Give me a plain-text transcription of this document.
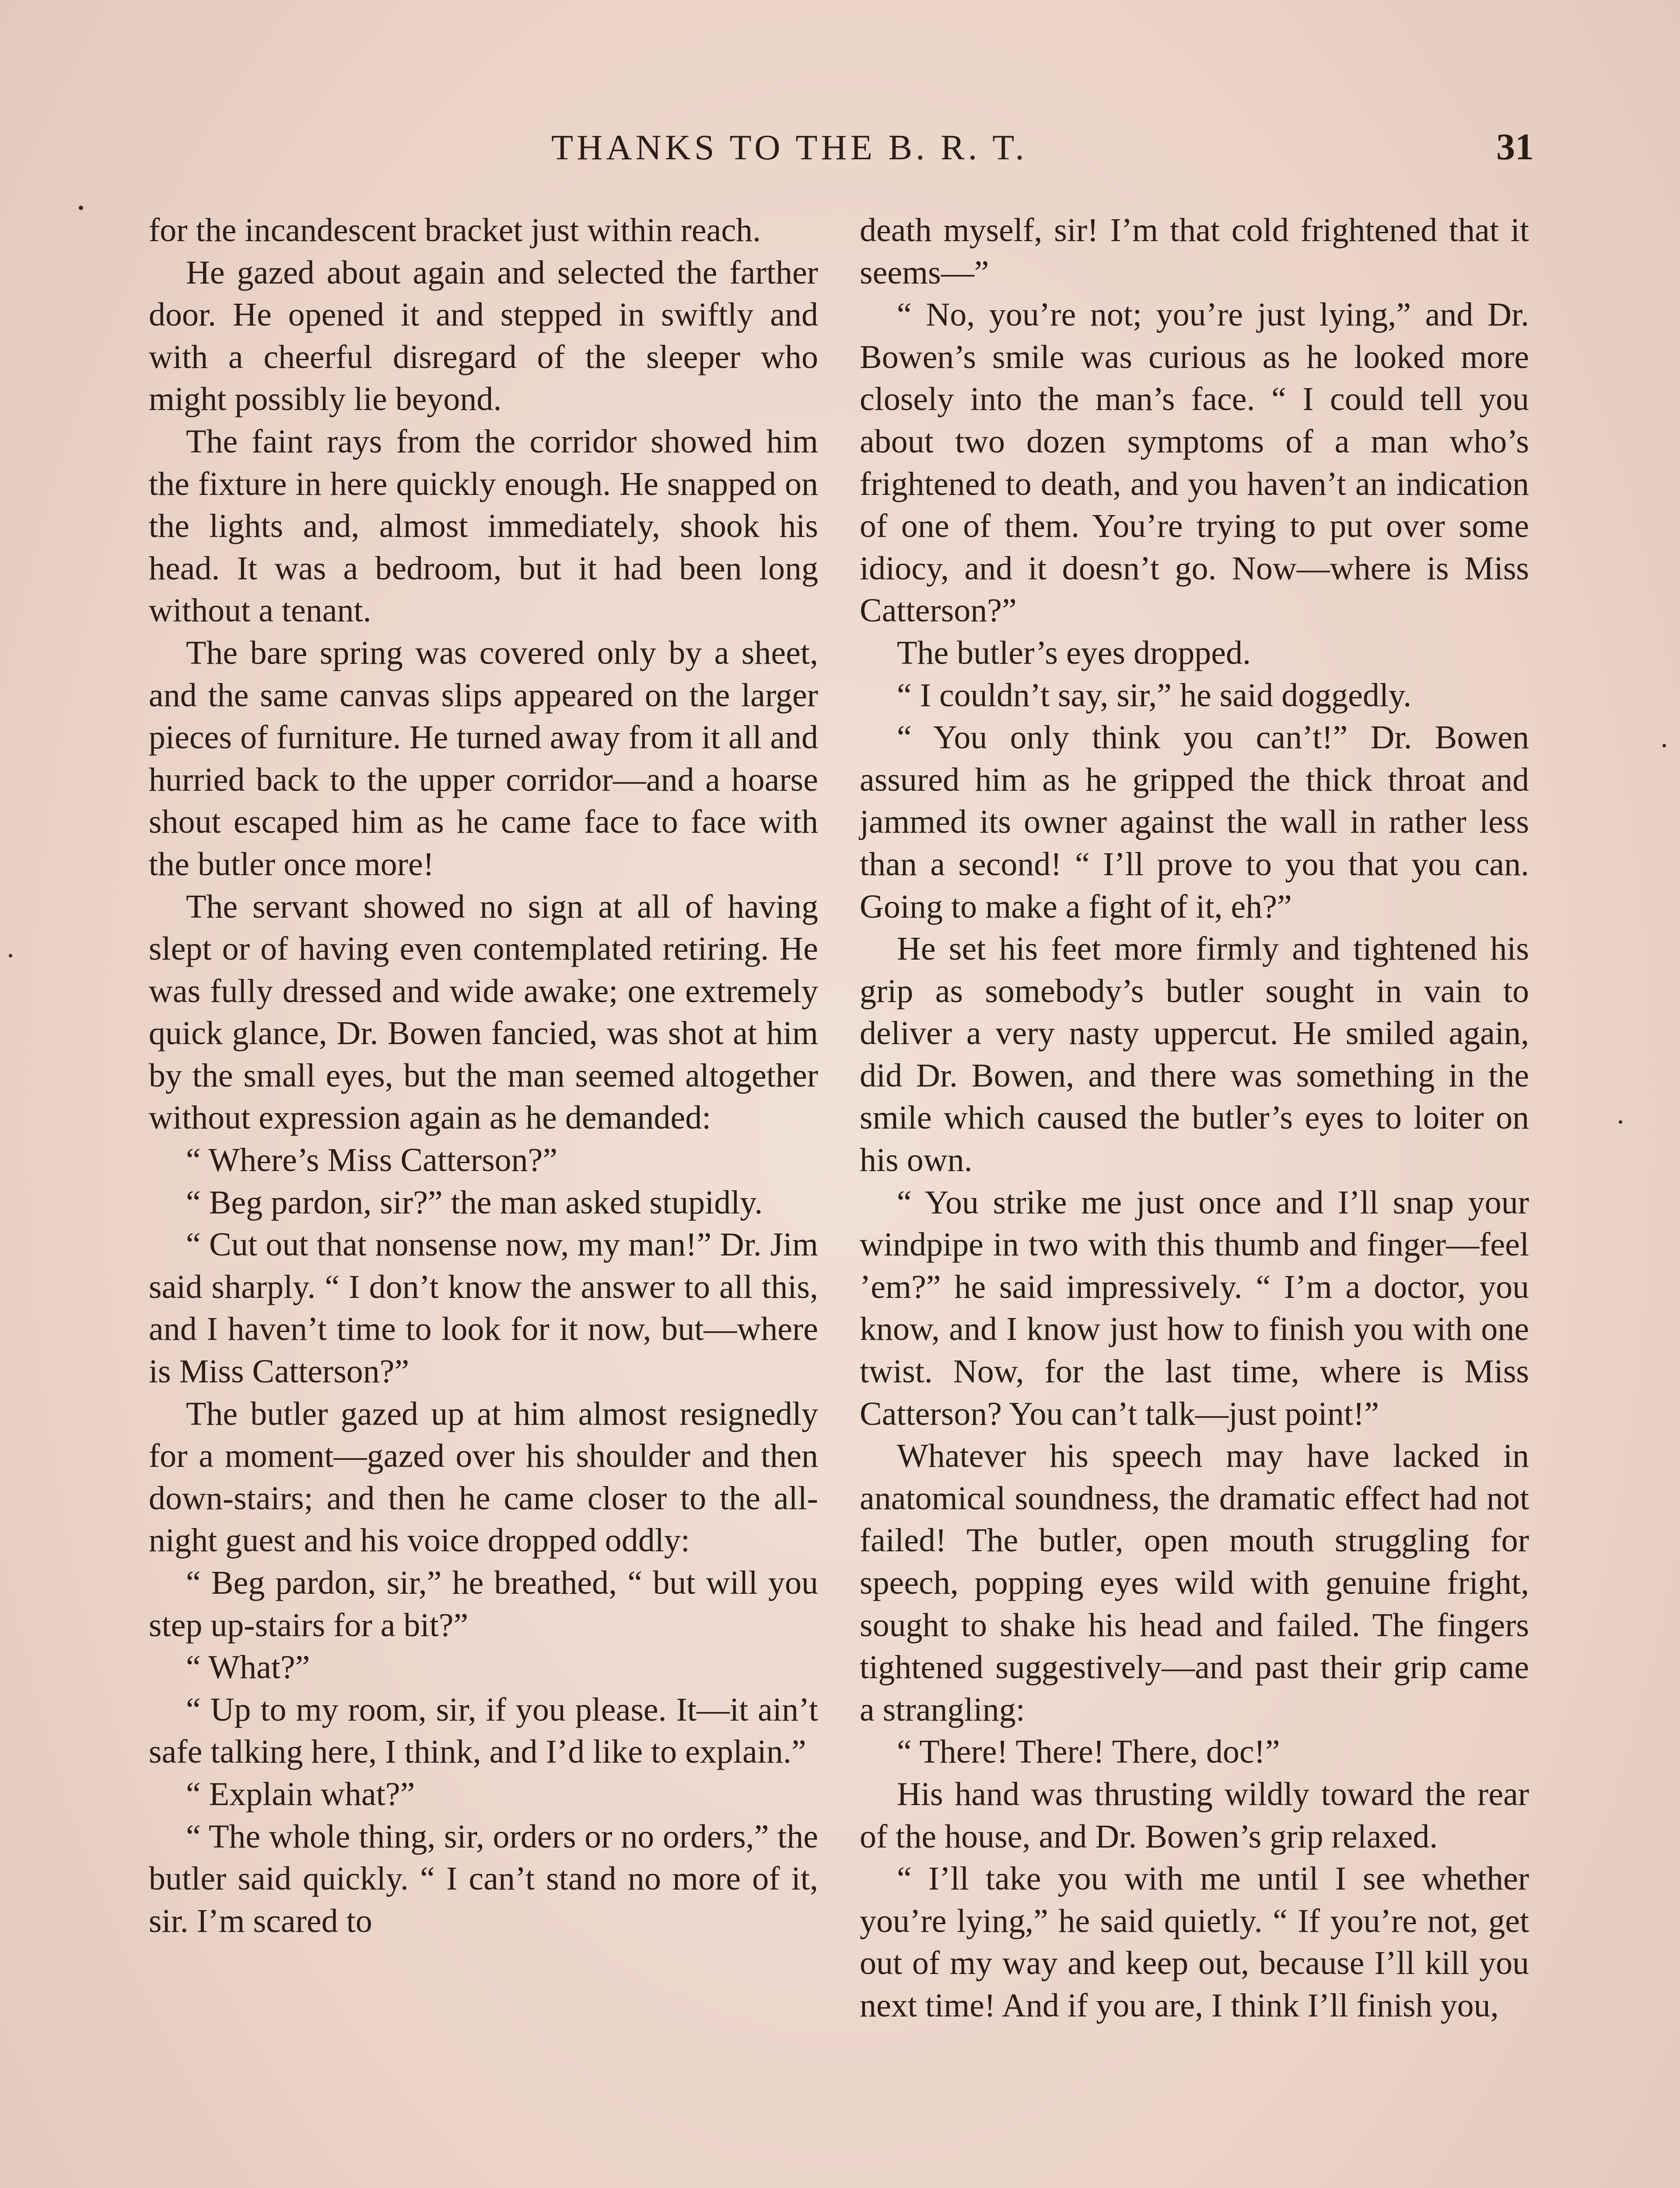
THANKS TO THE B. R. T.	31

for the incandescent bracket just within reach.

He gazed about again and selected the farther door. He opened it and stepped in swiftly and with a cheerful disregard of the sleeper who might possibly lie beyond.

The faint rays from the corridor showed him the fixture in here quickly enough. He snapped on the lights and, almost immediately, shook his head. It was a bedroom, but it had been long without a tenant.

The bare spring was covered only by a sheet, and the same canvas slips appeared on the larger pieces of furniture. He turned away from it all and hurried back to the upper corridor—and a hoarse shout escaped him as he came face to face with the butler once more!

The servant showed no sign at all of having slept or of having even contemplated retiring. He was fully dressed and wide awake; one extremely quick glance, Dr. Bowen fancied, was shot at him by the small eyes, but the man seemed altogether without expression again as he demanded:

“ Where’s Miss Catterson?”

“ Beg pardon, sir?” the man asked stupidly.

“ Cut out that nonsense now, my man!” Dr. Jim said sharply. “ I don’t know the answer to all this, and I haven’t time to look for it now, but—where is Miss Catterson?”

The butler gazed up at him almost resignedly for a moment—gazed over his shoulder and then down-stairs; and then he came closer to the all-night guest and his voice dropped oddly:

“ Beg pardon, sir,” he breathed, “ but will you step up-stairs for a bit?”

“ What?”

“ Up to my room, sir, if you please. It—it ain’t safe talking here, I think, and I’d like to explain.”

“ Explain what?”

“ The whole thing, sir, orders or no orders,” the butler said quickly. “ I can’t stand no more of it, sir. I’m scared to

death myself, sir! I’m that cold frightened that it seems—”

“ No, you’re not; you’re just lying,” and Dr. Bowen’s smile was curious as he looked more closely into the man’s face. “ I could tell you about two dozen symptoms of a man who’s frightened to death, and you haven’t an indication of one of them. You’re trying to put over some idiocy, and it doesn’t go. Now—where is Miss Catterson?”

The butler’s eyes dropped.

“ I couldn’t say, sir,” he said doggedly.

“ You only think you can’t!” Dr. Bowen assured him as he gripped the thick throat and jammed its owner against the wall in rather less than a second! “ I’ll prove to you that you can. Going to make a fight of it, eh?”

He set his feet more firmly and tightened his grip as somebody’s butler sought in vain to deliver a very nasty uppercut. He smiled again, did Dr. Bowen, and there was something in the smile which caused the butler’s eyes to loiter on his own.

“ You strike me just once and I’ll snap your windpipe in two with this thumb and finger—feel ’em?” he said impressively. “ I’m a doctor, you know, and I know just how to finish you with one twist. Now, for the last time, where is Miss Catterson? You can’t talk—just point!”

Whatever his speech may have lacked in anatomical soundness, the dramatic effect had not failed! The butler, open mouth struggling for speech, popping eyes wild with genuine fright, sought to shake his head and failed. The fingers tightened suggestively—and past their grip came a strangling:

“ There! There! There, doc!”

His hand was thrusting wildly toward the rear of the house, and Dr. Bowen’s grip relaxed.

“ I’ll take you with me until I see whether you’re lying,” he said quietly. “ If you’re not, get out of my way and keep out, because I’ll kill you next time! And if you are, I think I’ll finish you,
